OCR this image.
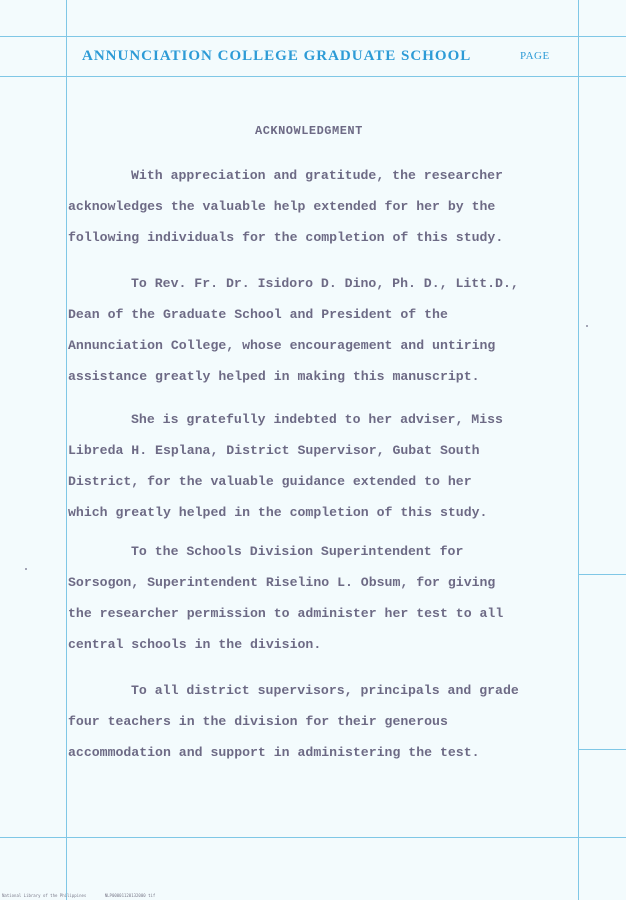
ANNUNCIATION COLLEGE GRADUATE SCHOOL	PAGE
ACKNOWLEDGMENT
With appreciation and gratitude, the researcher
acknowledges the valuable help extended for her by the
following individuals for the completion of this study.
To Rev. Fr. Dr. Isidoro D. Dino, Ph. D., Litt.D.,
Dean of the Graduate School and President of the
Annunciation College, whose encouragement and untiring
assistance greatly helped in making this manuscript.
She is gratefully indebted to her adviser, Miss
Libreda H. Esplana, District Supervisor, Gubat South
District, for the valuable guidance extended to her
which greatly helped in the completion of this study.
To the Schools Division Superintendent for
Sorsogon, Superintendent Riselino L. Obsum, for giving
the researcher permission to administer her test to all
central schools in the division.
To all district supervisors, principals and grade
four teachers in the division for their generous
accommodation and support in administering the test.
National Library of the Philippines	NLP00001120132000 tif
